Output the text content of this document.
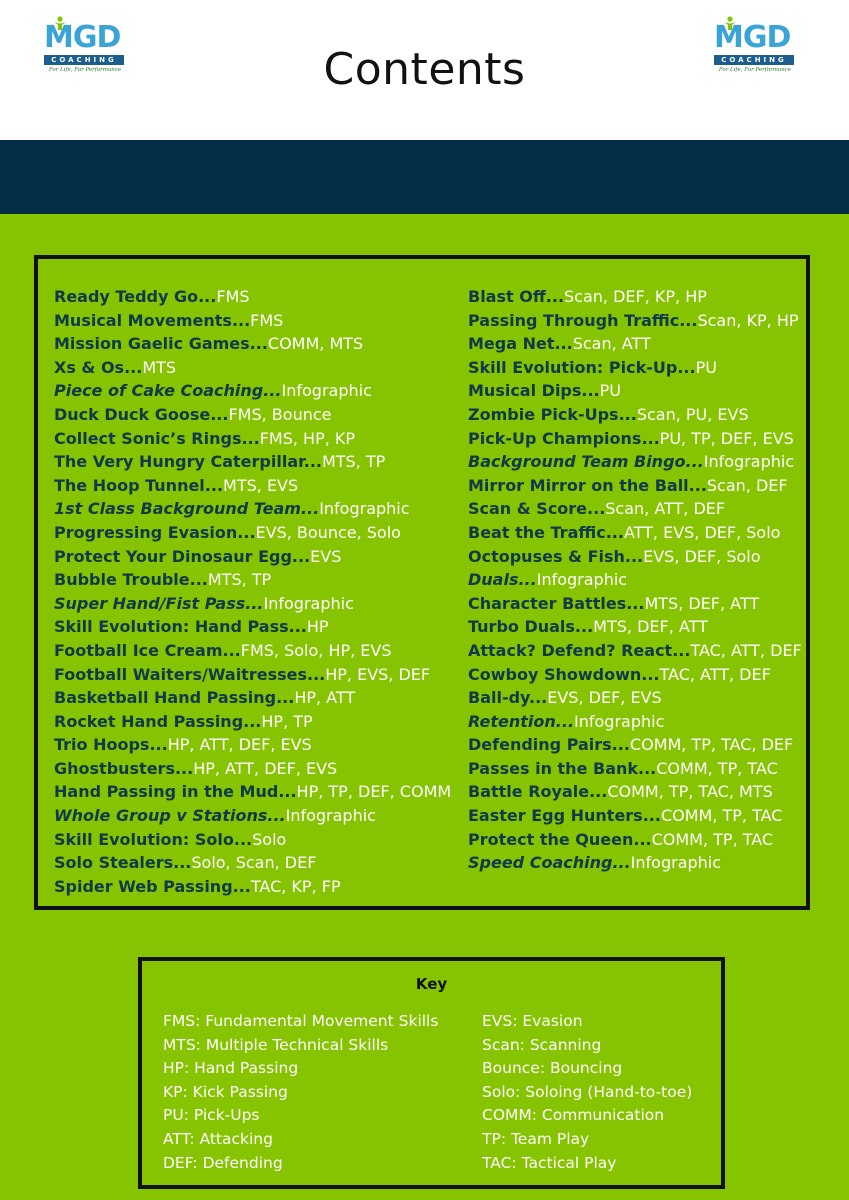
MGD
COACHING
For Life, For Performance	Contents
MGD
COACHING
For Life, For Performance
Ready Teddy Go...FMS
Musical Movements...FMS
Mission Gaelic Games...COMM, MTS
Xs & Os...MTS
Piece of Cake Coaching...Infographic
Duck Duck Goose...FMS, Bounce
Collect Sonic’s Rings...FMS, HP, KP
The Very Hungry Caterpillar...MTS, TP
The Hoop Tunnel...MTS, EVS
1st Class Background Team...Infographic
Progressing Evasion...EVS, Bounce, Solo
Protect Your Dinosaur Egg...EVS
Bubble Trouble...MTS, TP
Super Hand/Fist Pass...Infographic
Skill Evolution: Hand Pass...HP
Football Ice Cream...FMS, Solo, HP, EVS
Football Waiters/Waitresses...HP, EVS, DEF
Basketball Hand Passing...HP, ATT
Rocket Hand Passing...HP, TP
Trio Hoops...HP, ATT, DEF, EVS
Ghostbusters...HP, ATT, DEF, EVS
Hand Passing in the Mud...HP, TP, DEF, COMM
Whole Group v Stations...Infographic
Skill Evolution: Solo...Solo
Solo Stealers...Solo, Scan, DEF
Spider Web Passing...TAC, KP, FP
Blast Off...Scan, DEF, KP, HP
Passing Through Traffic...Scan, KP, HP
Mega Net...Scan, ATT
Skill Evolution: Pick-Up...PU
Musical Dips...PU
Zombie Pick-Ups...Scan, PU, EVS
Pick-Up Champions...PU, TP, DEF, EVS
Background Team Bingo...Infographic
Mirror Mirror on the Ball...Scan, DEF
Scan & Score...Scan, ATT, DEF
Beat the Traffic...ATT, EVS, DEF, Solo
Octopuses & Fish...EVS, DEF, Solo
Duals...Infographic
Character Battles...MTS, DEF, ATT
Turbo Duals...MTS, DEF, ATT
Attack? Defend? React...TAC, ATT, DEF
Cowboy Showdown...TAC, ATT, DEF
Ball-dy...EVS, DEF, EVS
Retention...Infographic
Defending Pairs...COMM, TP, TAC, DEF
Passes in the Bank...COMM, TP, TAC
Battle Royale...COMM, TP, TAC, MTS
Easter Egg Hunters...COMM, TP, TAC
Protect the Queen...COMM, TP, TAC
Speed Coaching...Infographic
Key
FMS: Fundamental Movement Skills
MTS: Multiple Technical Skills
HP: Hand Passing
KP: Kick Passing
PU: Pick-Ups
ATT: Attacking
DEF: Defending
EVS: Evasion
Scan: Scanning
Bounce: Bouncing
Solo: Soloing (Hand-to-toe)
COMM: Communication
TP: Team Play
TAC: Tactical Play
